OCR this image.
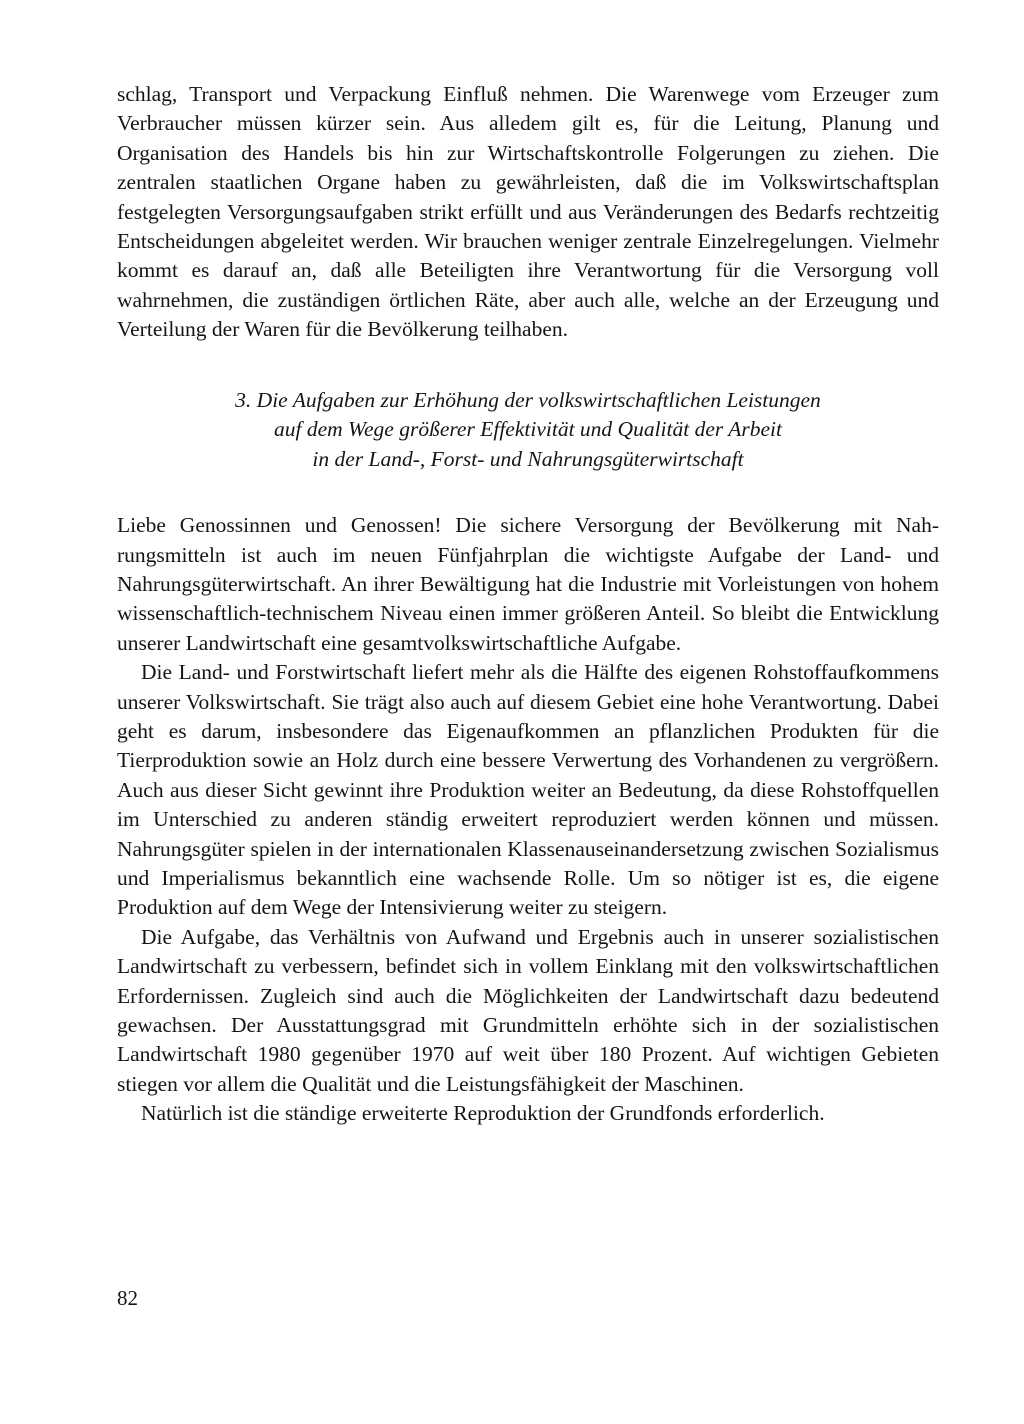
schlag, Transport und Verpackung Einfluß nehmen. Die Warenwege vom Erzeuger zum Verbraucher müssen kürzer sein. Aus alledem gilt es, für die Leitung, Planung und Organisation des Handels bis hin zur Wirtschaftskontrolle Folgerungen zu ziehen. Die zentralen staatlichen Organe haben zu gewährleisten, daß die im Volkswirtschaftsplan festgelegten Versorgungsaufgaben strikt erfüllt und aus Veränderungen des Bedarfs rechtzeitig Entscheidungen abgeleitet werden. Wir brauchen weniger zentrale Einzelregelungen. Vielmehr kommt es darauf an, daß alle Beteiligten ihre Verantwortung für die Versorgung voll wahrnehmen, die zuständigen örtlichen Räte, aber auch alle, welche an der Erzeugung und Verteilung der Waren für die Bevölkerung teilhaben.

3. Die Aufgaben zur Erhöhung der volkswirtschaftlichen Leistungen
auf dem Wege größerer Effektivität und Qualität der Arbeit
in der Land-, Forst- und Nahrungsgüterwirtschaft

Liebe Genossinnen und Genossen! Die sichere Versorgung der Bevölkerung mit Nahrungsmitteln ist auch im neuen Fünfjahrplan die wichtigste Aufgabe der Land- und Nahrungsgüterwirtschaft. An ihrer Bewältigung hat die Industrie mit Vorleistungen von hohem wissenschaftlich-technischem Niveau einen immer größeren Anteil. So bleibt die Entwicklung unserer Landwirtschaft eine gesamtvolkswirtschaftliche Aufgabe.

Die Land- und Forstwirtschaft liefert mehr als die Hälfte des eigenen Rohstoffaufkommens unserer Volkswirtschaft. Sie trägt also auch auf diesem Gebiet eine hohe Verantwortung. Dabei geht es darum, insbesondere das Eigenaufkommen an pflanzlichen Produkten für die Tierproduktion sowie an Holz durch eine bessere Verwertung des Vorhandenen zu vergrößern. Auch aus dieser Sicht gewinnt ihre Produktion weiter an Bedeutung, da diese Rohstoffquellen im Unterschied zu anderen ständig erweitert reproduziert werden können und müssen. Nahrungsgüter spielen in der internationalen Klassenauseinandersetzung zwischen Sozialismus und Imperialismus bekanntlich eine wachsende Rolle. Um so nötiger ist es, die eigene Produktion auf dem Wege der Intensivierung weiter zu steigern.

Die Aufgabe, das Verhältnis von Aufwand und Ergebnis auch in unserer sozialistischen Landwirtschaft zu verbessern, befindet sich in vollem Einklang mit den volkswirtschaftlichen Erfordernissen. Zugleich sind auch die Möglichkeiten der Landwirtschaft dazu bedeutend gewachsen. Der Ausstattungsgrad mit Grundmitteln erhöhte sich in der sozialistischen Landwirtschaft 1980 gegenüber 1970 auf weit über 180 Prozent. Auf wichtigen Gebieten stiegen vor allem die Qualität und die Leistungsfähigkeit der Maschinen.

Natürlich ist die ständige erweiterte Reproduktion der Grundfonds erforderlich.

82
